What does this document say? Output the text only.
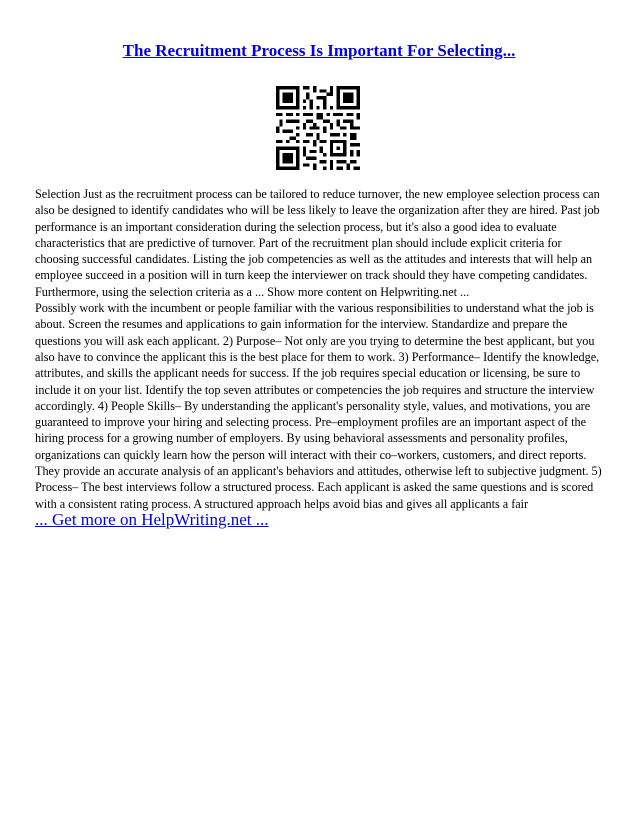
The Recruitment Process Is Important For Selecting...

Selection Just as the recruitment process can be tailored to reduce turnover, the new employee selection process can also be designed to identify candidates who will be less likely to leave the organization after they are hired. Past job performance is an important consideration during the selection process, but it's also a good idea to evaluate characteristics that are predictive of turnover. Part of the recruitment plan should include explicit criteria for choosing successful candidates. Listing the job competencies as well as the attitudes and interests that will help an employee succeed in a position will in turn keep the interviewer on track should they have competing candidates. Furthermore, using the selection criteria as a ... Show more content on Helpwriting.net ...

Possibly work with the incumbent or people familiar with the various responsibilities to understand what the job is about. Screen the resumes and applications to gain information for the interview. Standardize and prepare the questions you will ask each applicant. 2) Purpose– Not only are you trying to determine the best applicant, but you also have to convince the applicant this is the best place for them to work. 3) Performance– Identify the knowledge, attributes, and skills the applicant needs for success. If the job requires special education or licensing, be sure to include it on your list. Identify the top seven attributes or competencies the job requires and structure the interview accordingly. 4) People Skills– By understanding the applicant's personality style, values, and motivations, you are guaranteed to improve your hiring and selecting process. Pre–employment profiles are an important aspect of the hiring process for a growing number of employers. By using behavioral assessments and personality profiles, organizations can quickly learn how the person will interact with their co–workers, customers, and direct reports. They provide an accurate analysis of an applicant's behaviors and attitudes, otherwise left to subjective judgment. 5) Process– The best interviews follow a structured process. Each applicant is asked the same questions and is scored with a consistent rating process. A structured approach helps avoid bias and gives all applicants a fair

... Get more on HelpWriting.net ...
